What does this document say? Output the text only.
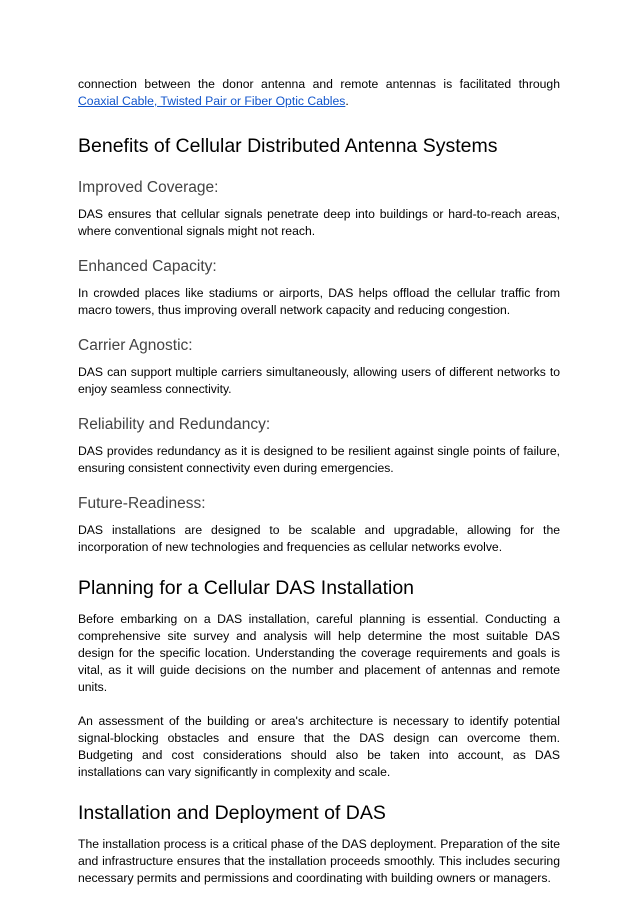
connection between the donor antenna and remote antennas is facilitated through Coaxial Cable, Twisted Pair or Fiber Optic Cables.

Benefits of Cellular Distributed Antenna Systems
Improved Coverage:

DAS ensures that cellular signals penetrate deep into buildings or hard-to-reach areas, where conventional signals might not reach.

Enhanced Capacity:

In crowded places like stadiums or airports, DAS helps offload the cellular traffic from macro towers, thus improving overall network capacity and reducing congestion.

Carrier Agnostic:

DAS can support multiple carriers simultaneously, allowing users of different networks to enjoy seamless connectivity.

Reliability and Redundancy:

DAS provides redundancy as it is designed to be resilient against single points of failure, ensuring consistent connectivity even during emergencies.

Future-Readiness:

DAS installations are designed to be scalable and upgradable, allowing for the incorporation of new technologies and frequencies as cellular networks evolve.

Planning for a Cellular DAS Installation

Before embarking on a DAS installation, careful planning is essential. Conducting a comprehensive site survey and analysis will help determine the most suitable DAS design for the specific location. Understanding the coverage requirements and goals is vital, as it will guide decisions on the number and placement of antennas and remote units.

An assessment of the building or area's architecture is necessary to identify potential signal-blocking obstacles and ensure that the DAS design can overcome them. Budgeting and cost considerations should also be taken into account, as DAS installations can vary significantly in complexity and scale.

Installation and Deployment of DAS

The installation process is a critical phase of the DAS deployment. Preparation of the site and infrastructure ensures that the installation proceeds smoothly. This includes securing necessary permits and permissions and coordinating with building owners or managers.
